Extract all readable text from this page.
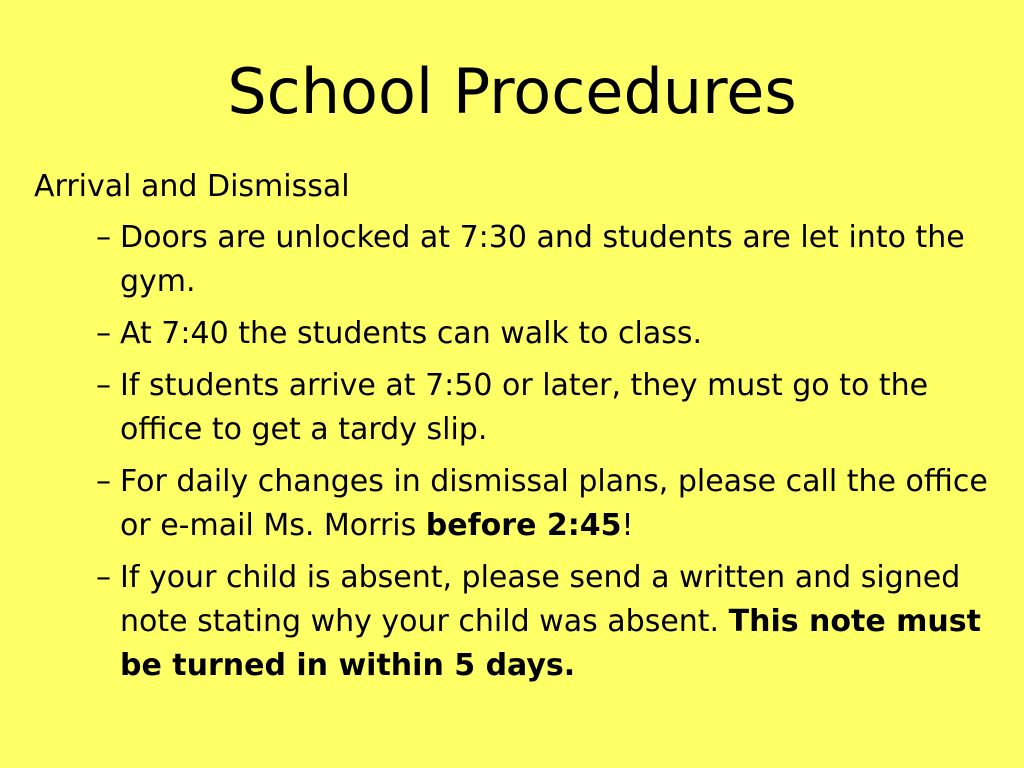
School Procedures
Arrival and Dismissal
– Doors are unlocked at 7:30 and students are let into the gym.
– At 7:40 the students can walk to class.
– If students arrive at 7:50 or later, they must go to the office to get a tardy slip.
– For daily changes in dismissal plans, please call the office or e-mail Ms. Morris before 2:45!
– If your child is absent, please send a written and signed note stating why your child was absent. This note must be turned in within 5 days.
